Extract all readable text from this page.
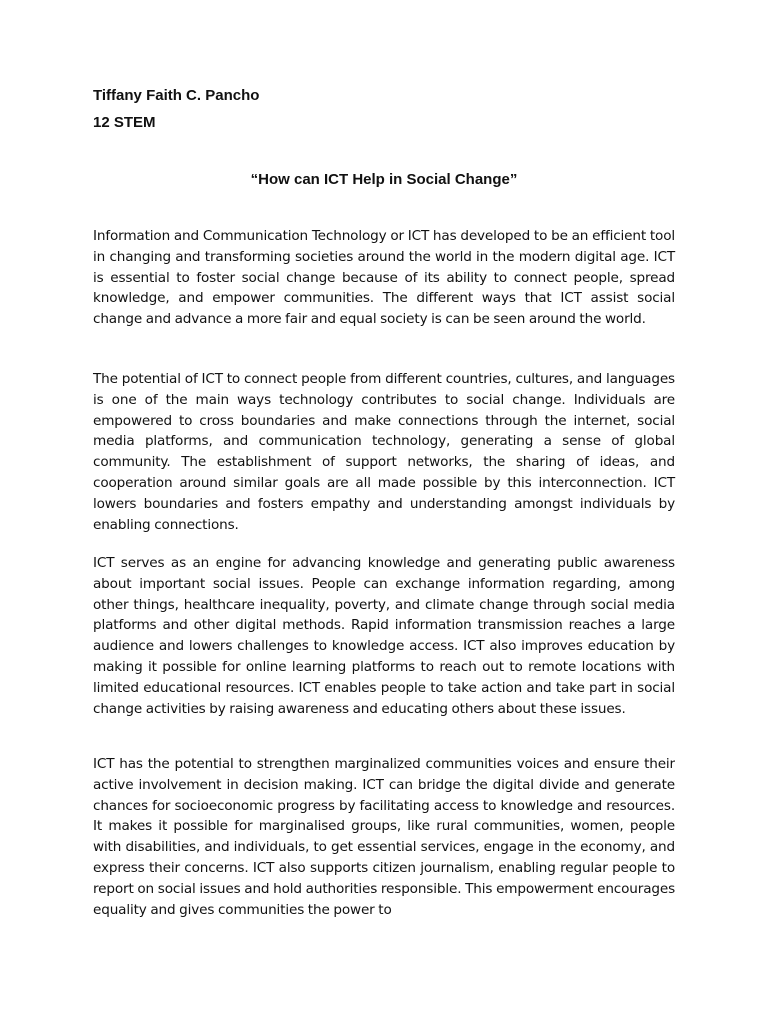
Tiffany Faith C. Pancho
12 STEM
“How can ICT Help in Social Change”

Information and Communication Technology or ICT has developed to be an efficient tool in changing and transforming societies around the world in the modern digital age. ICT is essential to foster social change because of its ability to connect people, spread knowledge, and empower communities. The different ways that ICT assist social change and advance a more fair and equal society is can be seen around the world.

The potential of ICT to connect people from different countries, cultures, and languages is one of the main ways technology contributes to social change. Individuals are empowered to cross boundaries and make connections through the internet, social media platforms, and communication technology, generating a sense of global community. The establishment of support networks, the sharing of ideas, and cooperation around similar goals are all made possible by this interconnection. ICT lowers boundaries and fosters empathy and understanding amongst individuals by enabling connections.

ICT serves as an engine for advancing knowledge and generating public awareness about important social issues. People can exchange information regarding, among other things, healthcare inequality, poverty, and climate change through social media platforms and other digital methods. Rapid information transmission reaches a large audience and lowers challenges to knowledge access. ICT also improves education by making it possible for online learning platforms to reach out to remote locations with limited educational resources. ICT enables people to take action and take part in social change activities by raising awareness and educating others about these issues.

ICT has the potential to strengthen marginalized communities voices and ensure their active involvement in decision making. ICT can bridge the digital divide and generate chances for socioeconomic progress by facilitating access to knowledge and resources. It makes it possible for marginalised groups, like rural communities, women, people with disabilities, and individuals, to get essential services, engage in the economy, and express their concerns. ICT also supports citizen journalism, enabling regular people to report on social issues and hold authorities responsible. This empowerment encourages equality and gives communities the power to
